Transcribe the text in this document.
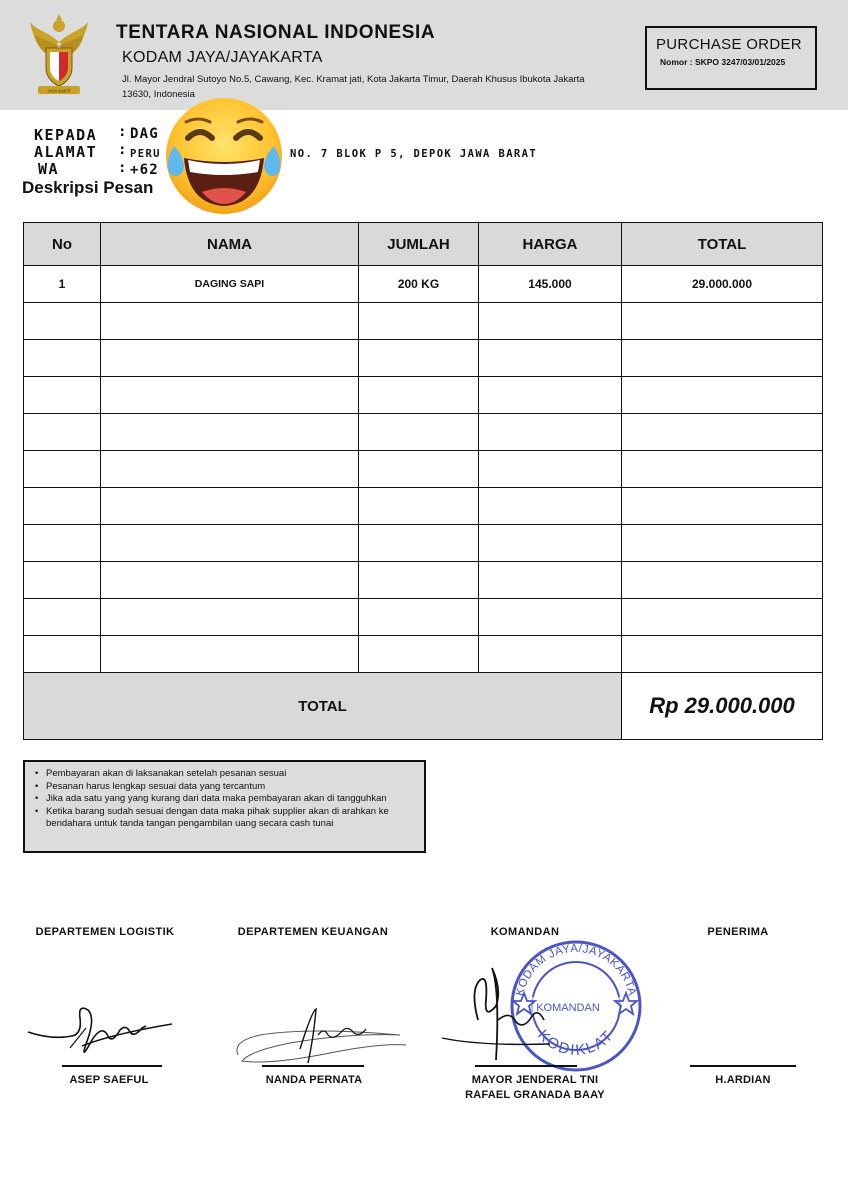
JAYA SAKTI
TENTARA NASIONAL INDONESIA
KODAM JAYA/JAYAKARTA
Jl. Mayor Jendral Sutoyo No.5, Cawang, Kec. Kramat jati, Kota Jakarta Timur, Daerah Khusus Ibukota Jakarta 13630, Indonesia
PURCHASE ORDER
Nomor : SKPO 3247/03/01/2025
KEPADA : DAG
ALAMAT : PERU	NO. 7 BLOK P 5, DEPOK JAWA BARAT
WA	: +62
Deskripsi Pesan
No	NAMA	JUMLAH	HARGA	TOTAL
1	DAGING SAPI	200 KG	145.000	29.000.000

TOTAL				Rp 29.000.000
• Pembayaran akan di laksanakan setelah pesanan sesuai
• Pesanan harus lengkap sesuai data yang tercantum
• Jika ada satu yang yang kurang dari data maka pembayaran akan di tangguhkan
• Ketika barang sudah sesuai dengan data maka pihak supplier akan di arahkan ke bendahara untuk tanda tangan pengambilan uang secara cash tunai
DEPARTEMEN LOGISTIK	DEPARTEMEN KEUANGAN	KOMANDAN	PENERIMA
KODAM JAYA/JAYAKARTA
KOMANDAN
KODIKLAT
ASEP SAEFUL	NANDA PERNATA	MAYOR JENDERAL TNI
RAFAEL GRANADA BAAY
H.ARDIAN
